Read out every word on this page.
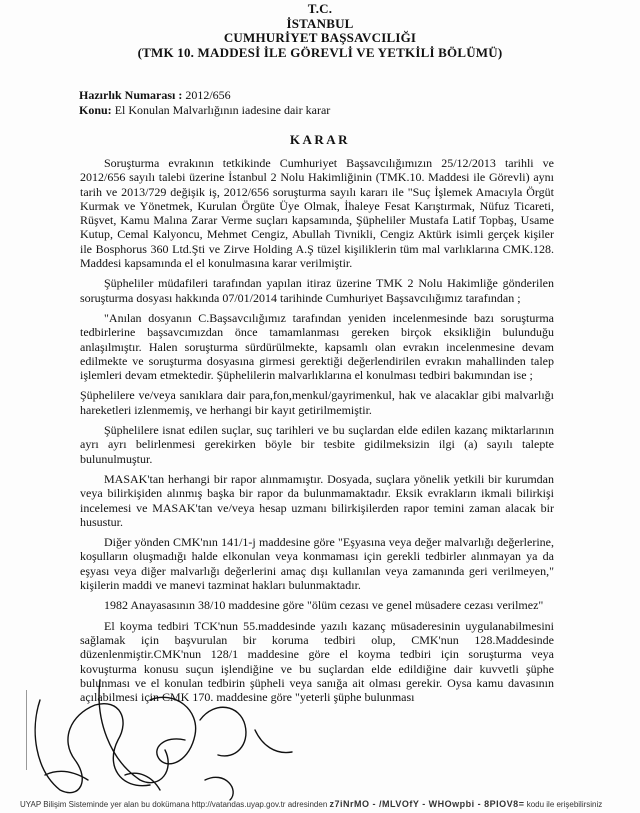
T.C.
İSTANBUL
CUMHURİYET BAŞSAVCILIĞI
(TMK 10. MADDESİ İLE GÖREVLİ VE YETKİLİ BÖLÜMÜ)
Hazırlık Numarası : 2012/656
Konu: El Konulan Malvarlığının iadesine dair karar
KARAR

Soruşturma evrakının tetkikinde Cumhuriyet Başsavcılığımızın 25/12/2013 tarihli ve 2012/656 sayılı talebi üzerine İstanbul 2 Nolu Hakimliğinin (TMK.10. Maddesi ile Görevli) aynı tarih ve 2013/729 değişik iş, 2012/656 soruşturma sayılı kararı ile "Suç İşlemek Amacıyla Örgüt Kurmak ve Yönetmek, Kurulan Örgüte Üye Olmak, İhaleye Fesat Karıştırmak, Nüfuz Ticareti, Rüşvet, Kamu Malına Zarar Verme suçları kapsamında, Şüpheliler Mustafa Latif Topbaş, Usame Kutup, Cemal Kalyoncu, Mehmet Cengiz, Abullah Tivnikli, Cengiz Aktürk isimli gerçek kişiler ile Bosphorus 360 Ltd.Şti ve Zirve Holding A.Ş tüzel kişiliklerin tüm mal varlıklarına CMK.128. Maddesi kapsamında el el konulmasına karar verilmiştir.

Şüpheliler müdafileri tarafından yapılan itiraz üzerine TMK 2 Nolu Hakimliğe gönderilen soruşturma dosyası hakkında 07/01/2014 tarihinde Cumhuriyet Başsavcılığımız tarafından ;

"Anılan dosyanın C.Başsavcılığımız tarafından yeniden incelenmesinde bazı soruşturma tedbirlerine başsavcımızdan önce tamamlanması gereken birçok eksikliğin bulunduğu anlaşılmıştır. Halen soruşturma sürdürülmekte, kapsamlı olan evrakın incelenmesine devam edilmekte ve soruşturma dosyasına girmesi gerektiği değerlendirilen evrakın mahallinden talep işlemleri devam etmektedir. Şüphelilerin malvarlıklarına el konulması tedbiri bakımından ise ;

Şüphelilere ve/veya sanıklara dair para,fon,menkul/gayrimenkul, hak ve alacaklar gibi malvarlığı hareketleri izlenmemiş, ve herhangi bir kayıt getirilmemiştir.

Şüphelilere isnat edilen suçlar, suç tarihleri ve bu suçlardan elde edilen kazanç miktarlarının ayrı ayrı belirlenmesi gerekirken böyle bir tesbite gidilmeksizin ilgi (a) sayılı talepte bulunulmuştur.

MASAK'tan herhangi bir rapor alınmamıştır. Dosyada, suçlara yönelik yetkili bir kurumdan veya bilirkişiden alınmış başka bir rapor da bulunmamaktadır. Eksik evrakların ikmali bilirkişi incelemesi ve MASAK'tan ve/veya hesap uzmanı bilirkişilerden rapor temini zaman alacak bir husustur.

Diğer yönden CMK'nın 141/1-j maddesine göre "Eşyasına veya değer malvarlığı değerlerine, koşulların oluşmadığı halde elkonulan veya konmaması için gerekli tedbirler alınmayan ya da eşyası veya diğer malvarlığı değerlerini amaç dışı kullanılan veya zamanında geri verilmeyen," kişilerin maddi ve manevi tazminat hakları bulunmaktadır.

1982 Anayasasının 38/10 maddesine göre "ölüm cezası ve genel müsadere cezası verilmez"

El koyma tedbiri TCK'nun 55.maddesinde yazılı kazanç müsaderesinin uygulanabilmesini sağlamak için başvurulan bir koruma tedbiri olup, CMK'nun 128.Maddesinde düzenlenmiştir.CMK'nun 128/1 maddesine göre el koyma tedbiri için soruşturma veya kovuşturma konusu suçun işlendiğine ve bu suçlardan elde edildiğine dair kuvvetli şüphe bulunması ve el konulan tedbirin şüpheli veya sanığa ait olması gerekir. Oysa kamu davasının açılabilmesi için CMK 170. maddesine göre "yeterli şüphe bulunması

UYAP Bilişim Sisteminde yer alan bu dokümana http://vatandas.uyap.gov.tr adresinden z7iNrMO - /MLVOfY - WHOwpbi - 8PIOV8= kodu ile erişebilirsiniz
